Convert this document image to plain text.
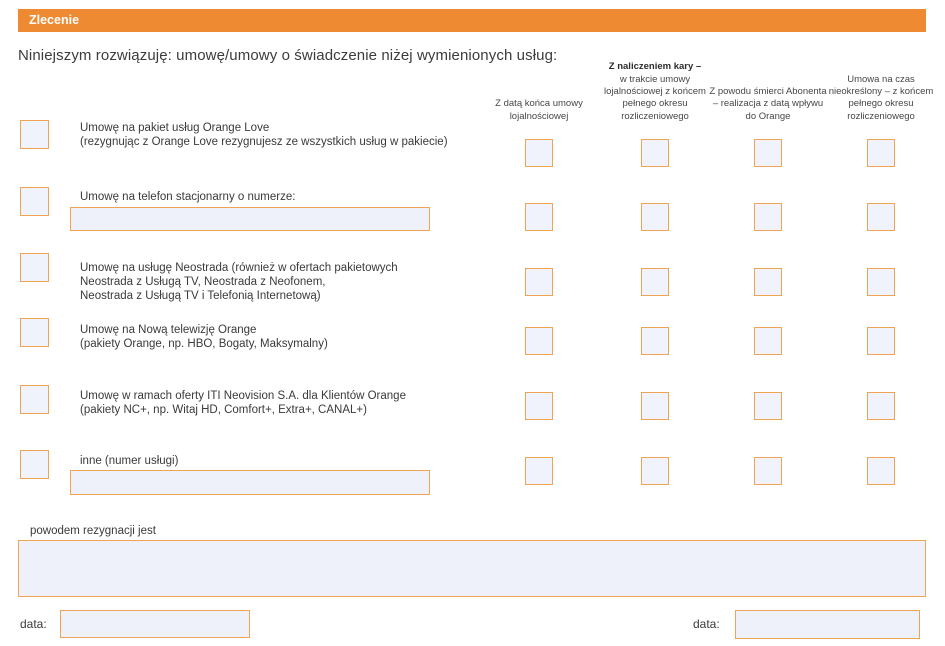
Zlecenie
Niniejszym rozwiązuję: umowę/umowy o świadczenie niżej wymienionych usług:
Z datą końca umowy lojalnościowej
Z naliczeniem kary –
w trakcie umowy lojalnościowej z końcem pełnego okresu rozliczeniowego
Z powodu śmierci Abonenta – realizacja z datą wpływu do Orange
Umowa na czas nieokreślony – z końcem pełnego okresu rozliczeniowego
Umowę na pakiet usług Orange Love
(rezygnując z Orange Love rezygnujesz ze wszystkich usług w pakiecie)
Umowę na telefon stacjonarny o numerze:
Umowę na usługę Neostrada (również w ofertach pakietowych
Neostrada z Usługą TV, Neostrada z Neofonem,
Neostrada z Usługą TV i Telefonią Internetową)
Umowę na Nową telewizję Orange
(pakiety Orange, np. HBO, Bogaty, Maksymalny)
Umowę w ramach oferty ITI Neovision S.A. dla Klientów Orange
(pakiety NC+, np. Witaj HD, Comfort+, Extra+, CANAL+)
inne (numer usługi)
powodem rezygnacji jest
data:	data:
